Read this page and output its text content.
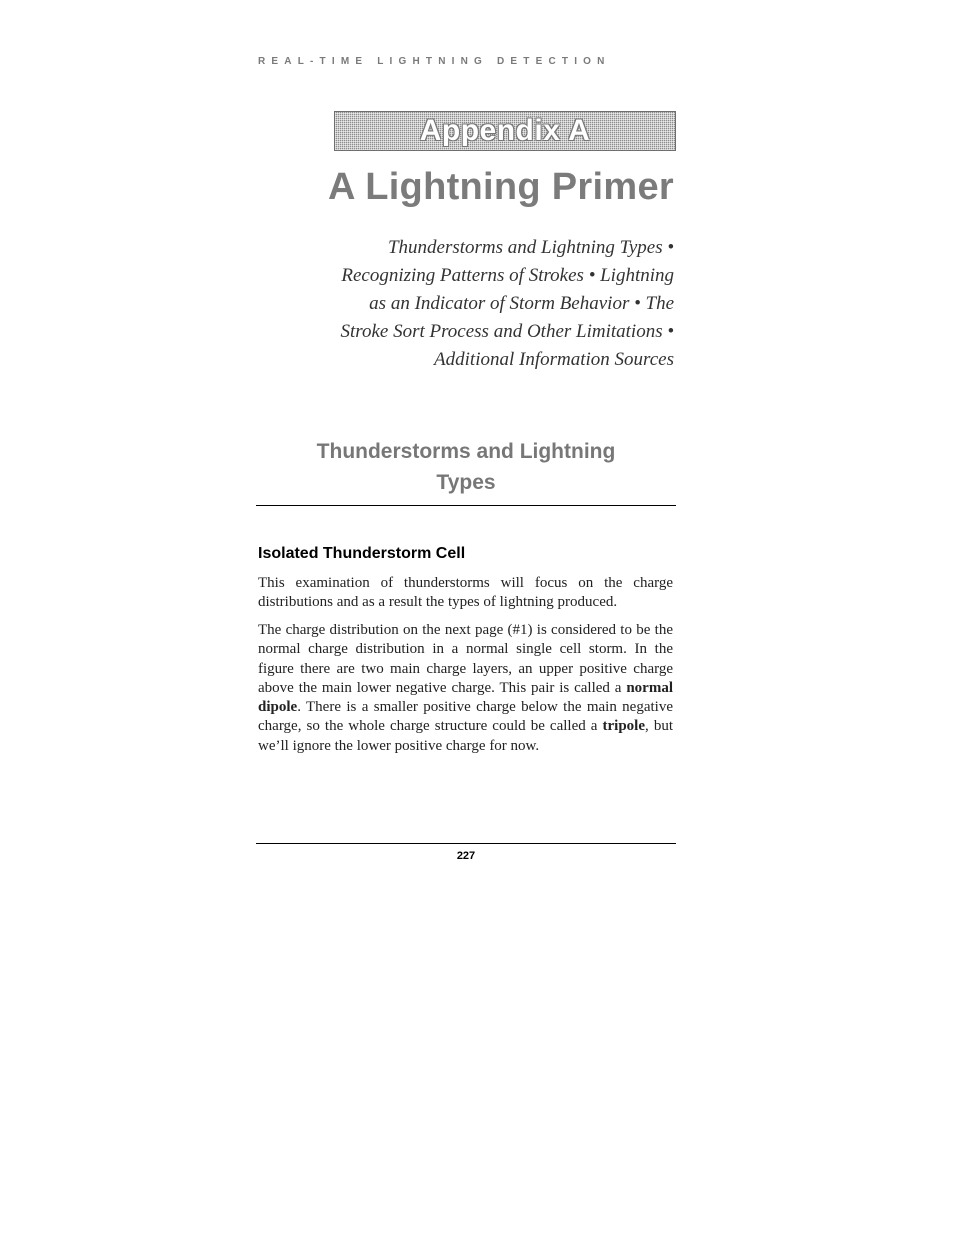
REAL-TIME LIGHTNING DETECTION
Appendix A
A Lightning Primer
Thunderstorms and Lightning Types •
Recognizing Patterns of Strokes • Lightning
as an Indicator of Storm Behavior • The
Stroke Sort Process and Other Limitations •
Additional Information Sources
Thunderstorms and Lightning
Types
Isolated Thunderstorm Cell

This examination of thunderstorms will focus on the charge distributions and as a result the types of lightning produced.

The charge distribution on the next page (#1) is considered to be the normal charge distribution in a normal single cell storm. In the figure there are two main charge layers, an upper positive charge above the main lower negative charge. This pair is called a normal dipole. There is a smaller positive charge below the main negative charge, so the whole charge structure could be called a tripole, but we’ll ignore the lower positive charge for now.

227
